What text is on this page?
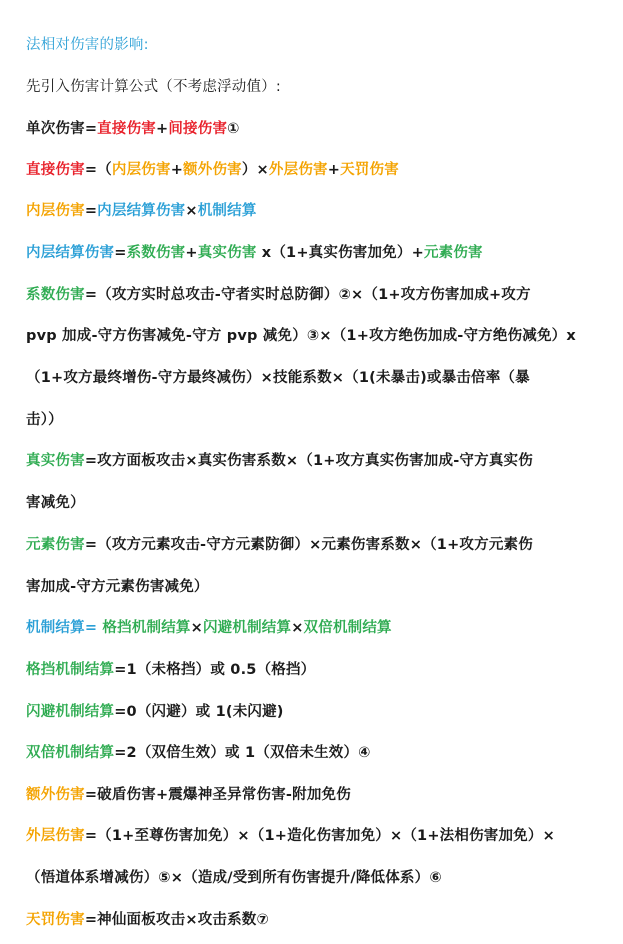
法相对伤害的影响:
先引入伤害计算公式（不考虑浮动值）:
单次伤害=直接伤害+间接伤害①
直接伤害=（内层伤害+额外伤害）×外层伤害+天罚伤害
内层伤害=内层结算伤害×机制结算
内层结算伤害=系数伤害+真实伤害 x（1+真实伤害加免）+元素伤害
系数伤害=（攻方实时总攻击-守者实时总防御）②×（1+攻方伤害加成+攻方
pvp 加成-守方伤害减免-守方 pvp 减免）③×（1+攻方绝伤加成-守方绝伤减免）x
（1+攻方最终增伤-守方最终减伤）×技能系数×（1(未暴击)或暴击倍率（暴
击））
真实伤害=攻方面板攻击×真实伤害系数×（1+攻方真实伤害加成-守方真实伤
害减免）
元素伤害=（攻方元素攻击-守方元素防御）×元素伤害系数×（1+攻方元素伤
害加成-守方元素伤害减免）
机制结算= 格挡机制结算×闪避机制结算×双倍机制结算
格挡机制结算=1（未格挡）或 0.5（格挡）
闪避机制结算=0（闪避）或 1(未闪避)
双倍机制结算=2（双倍生效）或 1（双倍未生效）④
额外伤害=破盾伤害+震爆神圣异常伤害-附加免伤
外层伤害=（1+至尊伤害加免）×（1+造化伤害加免）×（1+法相伤害加免）×
（悟道体系增减伤）⑤×（造成/受到所有伤害提升/降低体系）⑥
天罚伤害=神仙面板攻击×攻击系数⑦
